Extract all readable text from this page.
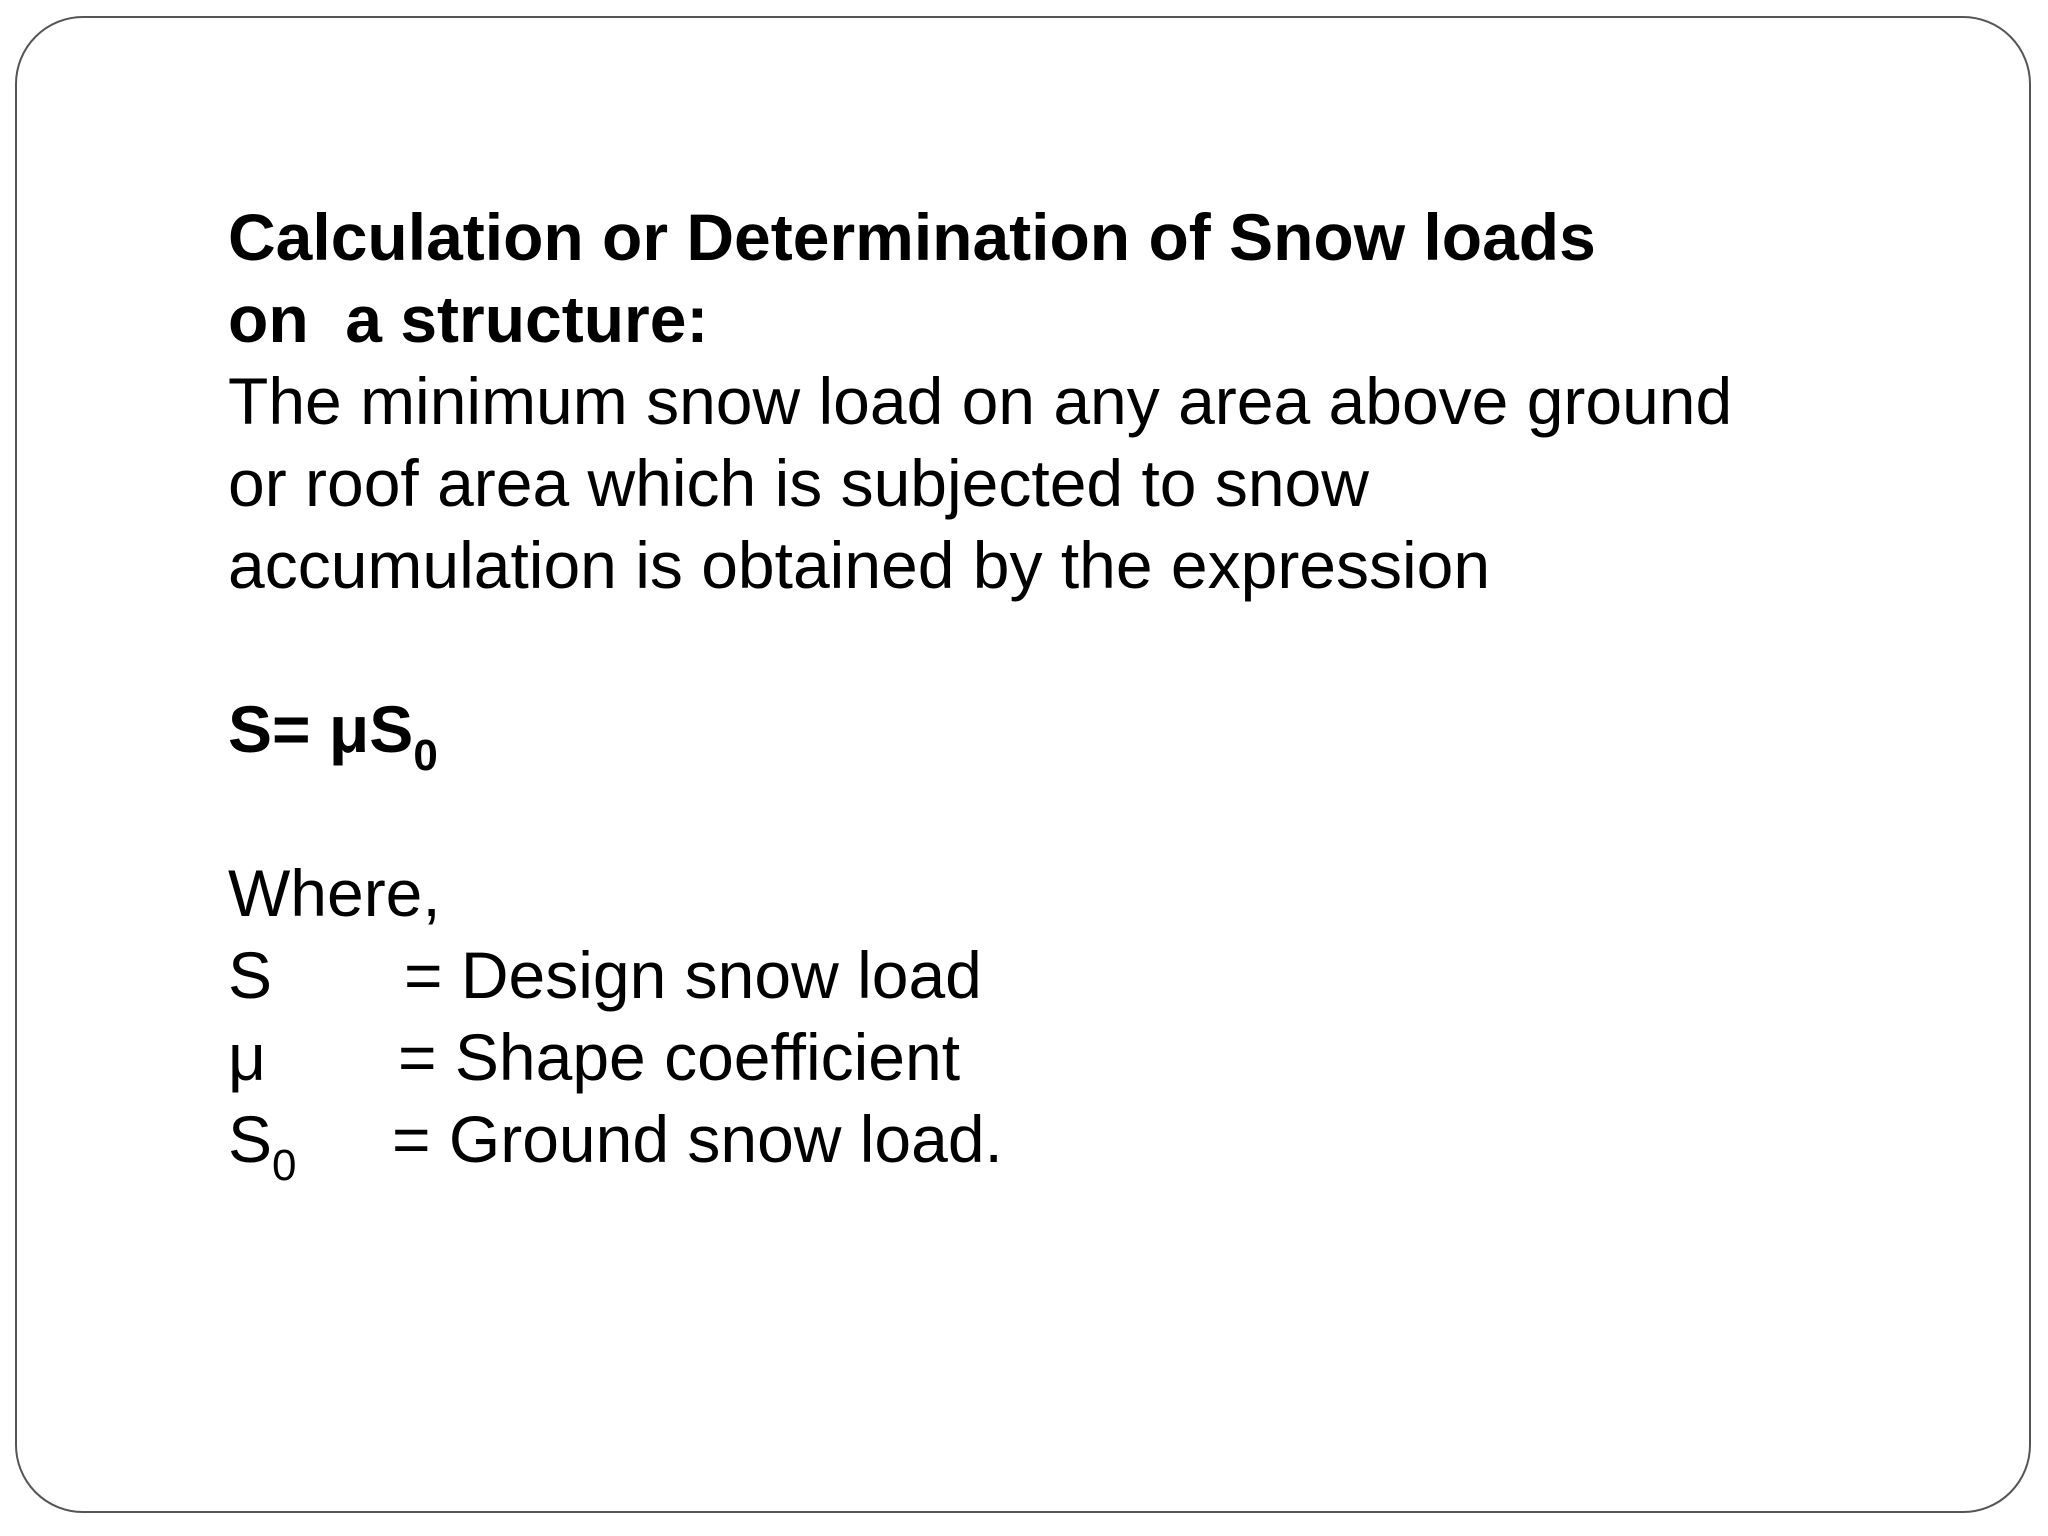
Calculation or Determination of Snow loads
on  a structure:
The minimum snow load on any area above ground
or roof area which is subjected to snow
accumulation is obtained by the expression
$S= \mu S_0$
Where,

S

= Design snow load

μ

= Shape coefficient

$S_0$

= Ground snow load.
